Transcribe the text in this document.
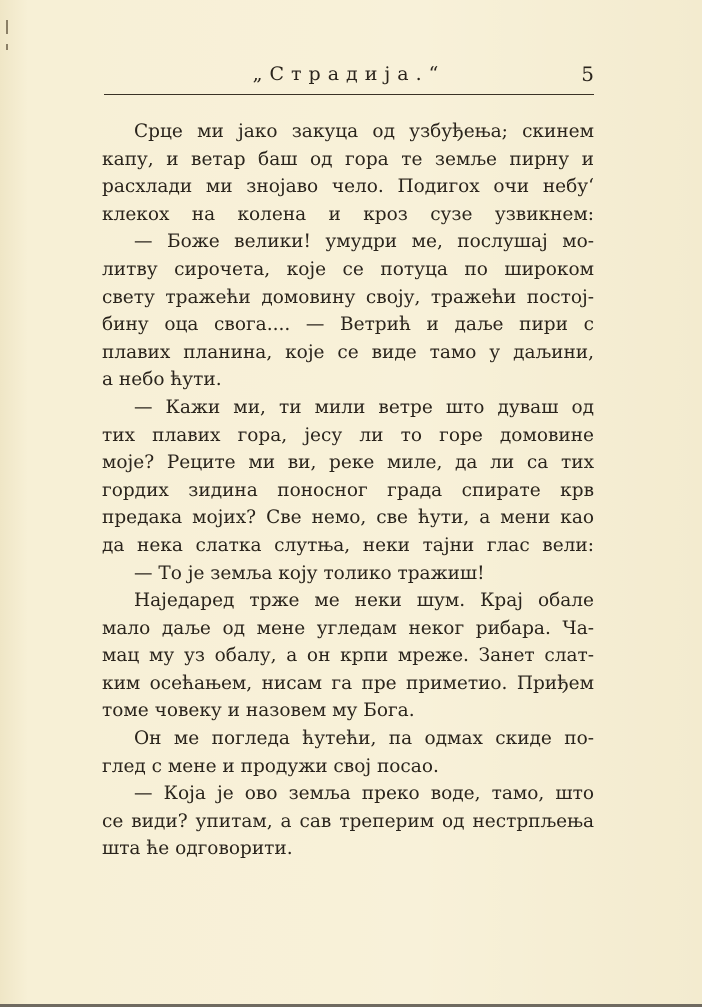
„Страдија.“	5
Срце ми јако закуца од узбуђења; скинем
капу, и ветар баш од гора те земље пирну и
расхлади ми знојаво чело. Подигох очи небу‘
клекох на колена и кроз сузе узвикнем:
— Боже велики! умудри ме, послушај мо-
литву сирочета, које се потуца по широком
свету тражећи домовину своју, тражећи постој-
бину оца свога.... — Ветрић и даље пири с
плавих планина, које се виде тамо у даљини,
а небо ћути.
— Кажи ми, ти мили ветре што дуваш од
тих плавих гора, јесу ли то горе домовине
моје? Реците ми ви, реке миле, да ли са тих
гордих зидина поносног града спирате крв
предака мојих? Све немо, све ћути, а мени као
да нека слатка слутња, неки тајни глас вели:
— То је земља коју толико тражиш!
Наједаред трже ме неки шум. Крај обале
мало даље од мене угледам неког рибара. Ча-
мац му уз обалу, а он крпи мреже. Занет слат-
ким осећањем, нисам га пре приметио. Приђем
томе човеку и назовем му Бога.
Он ме погледа ћутећи, па одмах скиде по-
глед с мене и продужи свој посао.
— Која је ово земља преко воде, тамо, што
се види? упитам, а сав треперим од нестрпљења
шта ће одговорити.
